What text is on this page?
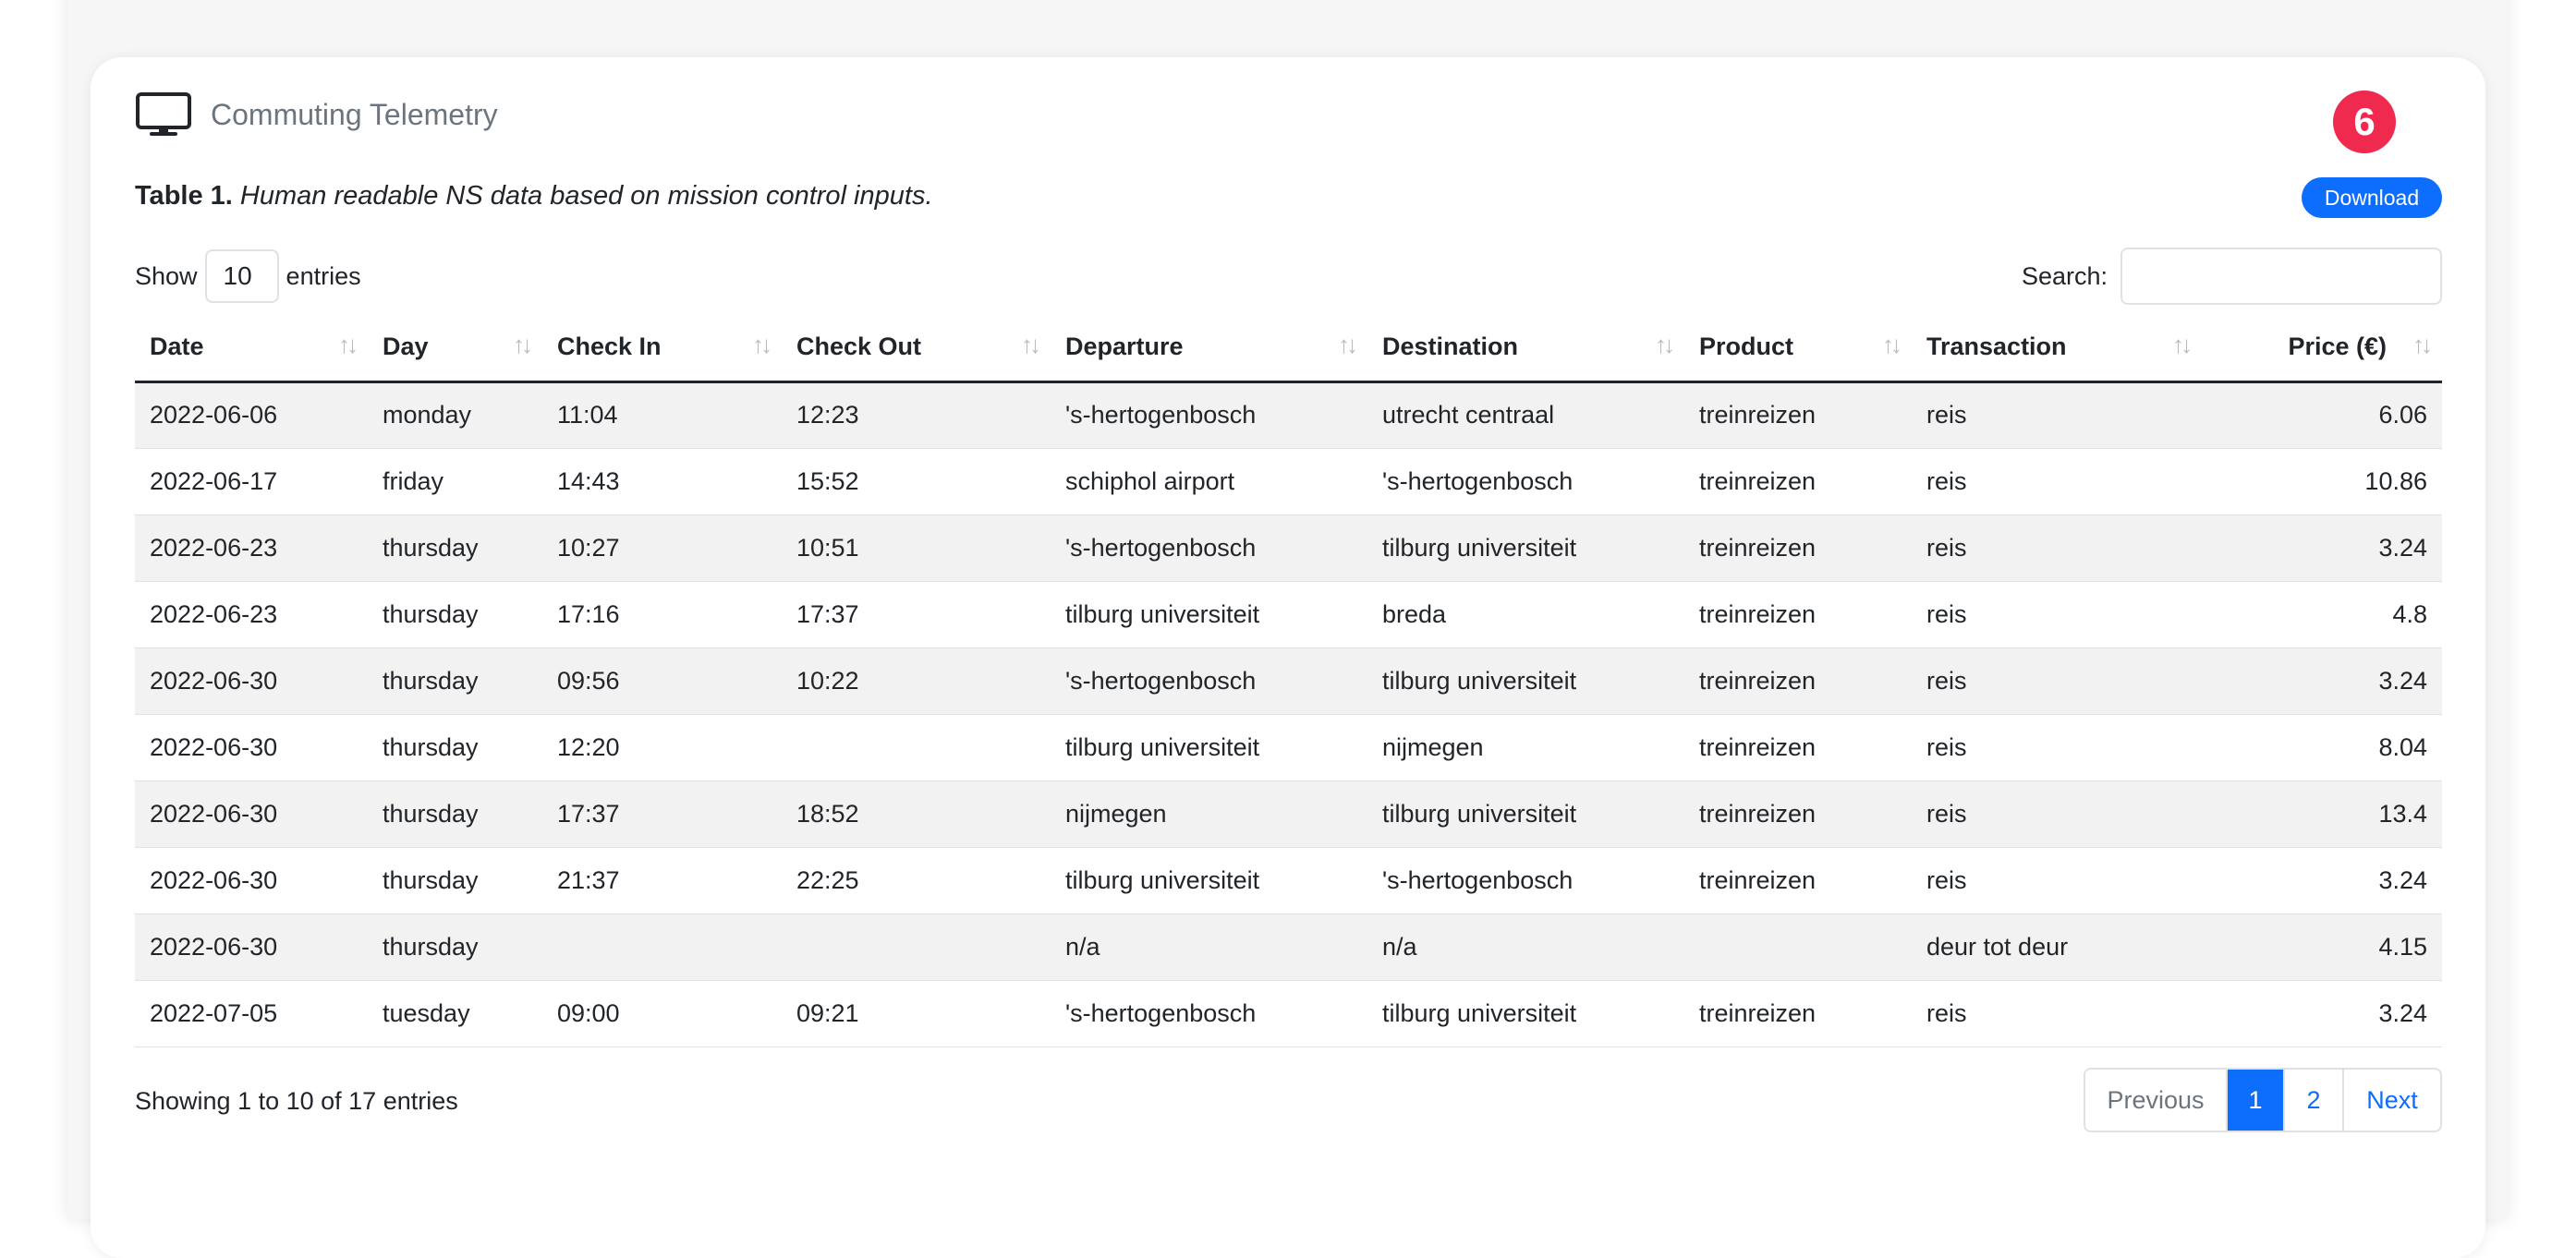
Commuting Telemetry	6
Table 1. Human readable NS data based on mission control inputs.	Download
Show	10	entries	Search:
Date ↑↓	Day ↑↓	Check In ↑↓	Check Out ↑↓	Departure ↑↓	Destination ↑↓	Product ↑↓	Transaction ↑↓	Price (€) ↑↓

2022-06-06	monday	11:04	12:23	's-hertogenbosch	utrecht centraal	treinreizen	reis	6.06
2022-06-17	friday	14:43	15:52	schiphol airport	's-hertogenbosch	treinreizen	reis	10.86
2022-06-23	thursday	10:27	10:51	's-hertogenbosch	tilburg universiteit	treinreizen	reis	3.24
2022-06-23	thursday	17:16	17:37	tilburg universiteit	breda	treinreizen	reis	4.8
2022-06-30	thursday	09:56	10:22	's-hertogenbosch	tilburg universiteit	treinreizen	reis	3.24
2022-06-30	thursday	12:20		tilburg universiteit	nijmegen	treinreizen	reis	8.04
2022-06-30	thursday	17:37	18:52	nijmegen	tilburg universiteit	treinreizen	reis	13.4
2022-06-30	thursday	21:37	22:25	tilburg universiteit	's-hertogenbosch	treinreizen	reis	3.24
2022-06-30	thursday			n/a	n/a		deur tot deur	4.15
2022-07-05	tuesday	09:00	09:21	's-hertogenbosch	tilburg universiteit	treinreizen	reis	3.24
Showing 1 to 10 of 17 entries	Previous	1	2	Next
